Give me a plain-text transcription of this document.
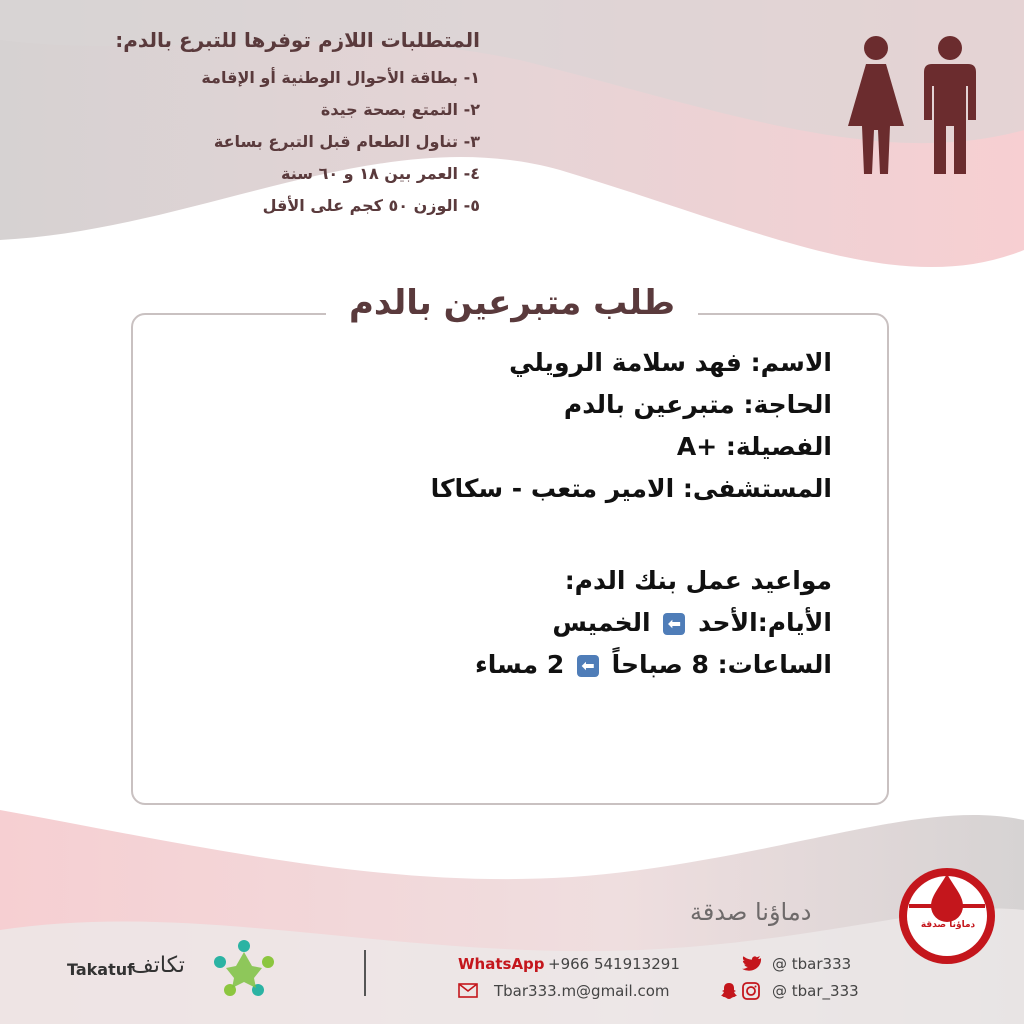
المتطلبات اللازم توفرها للتبرع بالدم:
١- بطاقة الأحوال الوطنية أو الإقامة
٢- التمتع بصحة جيدة
٣- تناول الطعام قبل التبرع بساعة
٤- العمر بين ١٨ و ٦٠ سنة
٥- الوزن ٥٠ كجم على الأقل
طلب متبرعين بالدم
الاسم: فهد سلامة الرويلي
الحاجة: متبرعين بالدم
الفصيلة: +A
المستشفى: الامير متعب - سكاكا
مواعيد عمل بنك الدم:
الأيام:الأحد ⬅ الخميس
الساعات: 8 صباحاً ⬅ 2 مساء
دماؤنا صدقة	دماؤنا صدقة
Takatuf
تكاتف	WhatsApp +966 541913291
Tbar333.m@gmail.com
@ tbar333
@ tbar_333
